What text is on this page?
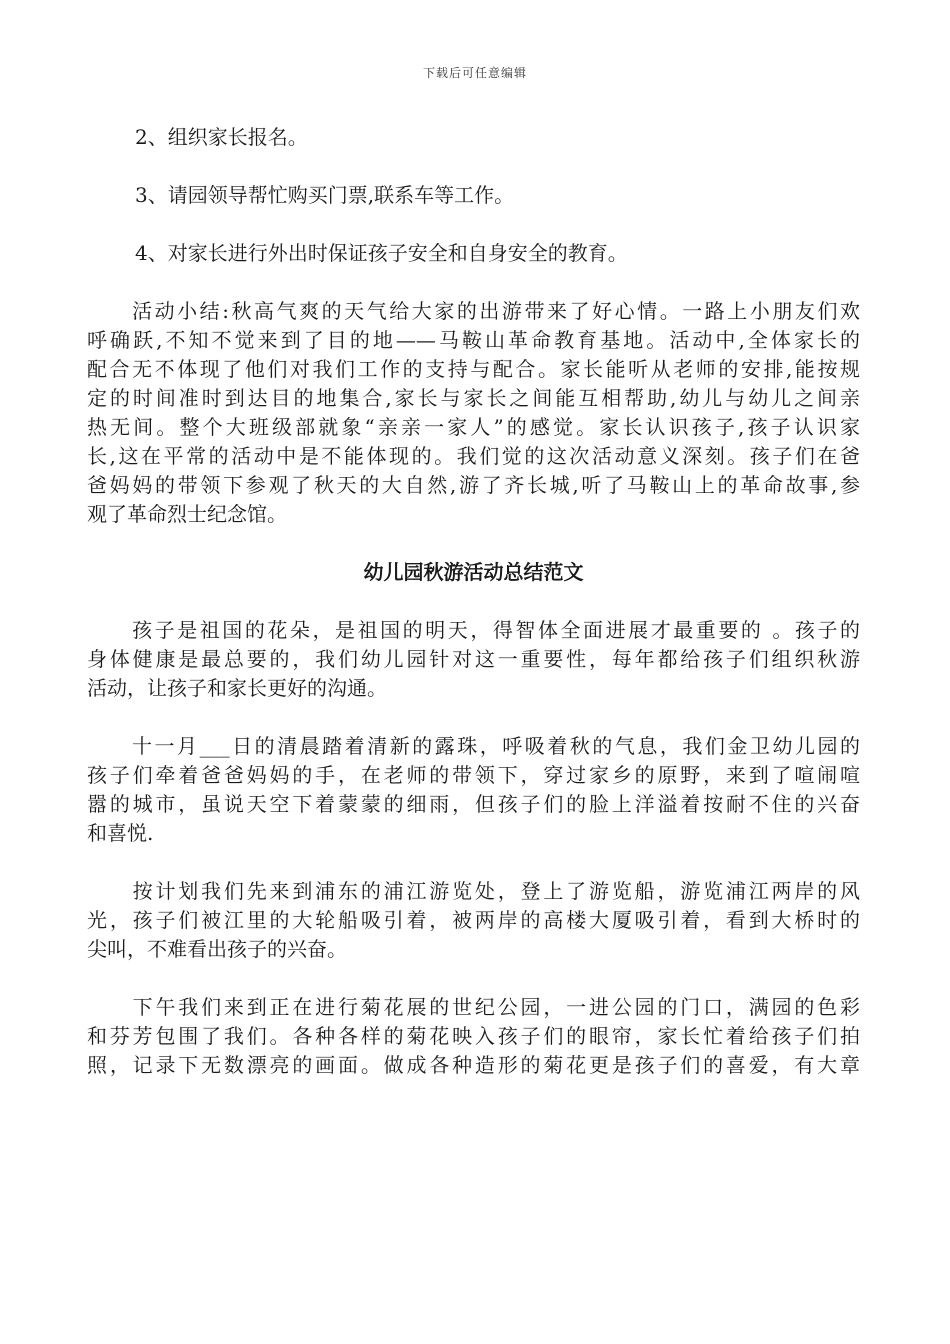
下载后可任意编辑
2、组织家长报名。
3、请园领导帮忙购买门票,联系车等工作。
4、对家长进行外出时保证孩子安全和自身安全的教育。
　　活动小结:秋高气爽的天气给大家的出游带来了好心情。一路上小朋友们欢
呼确跃,不知不觉来到了目的地——马鞍山革命教育基地。活动中,全体家长的
配合无不体现了他们对我们工作的支持与配合。家长能听从老师的安排,能按规
定的时间准时到达目的地集合,家长与家长之间能互相帮助,幼儿与幼儿之间亲
热无间。整个大班级部就象“亲亲一家人”的感觉。家长认识孩子,孩子认识家
长,这在平常的活动中是不能体现的。我们觉的这次活动意义深刻。孩子们在爸
爸妈妈的带领下参观了秋天的大自然,游了齐长城,听了马鞍山上的革命故事,参
观了革命烈士纪念馆。
幼儿园秋游活动总结范文
　　孩子是祖国的花朵，是祖国的明天，得智体全面进展才最重要的 。孩子的
身体健康是最总要的，我们幼儿园针对这一重要性，每年都给孩子们组织秋游
活动，让孩子和家长更好的沟通。
　　十一月___日的清晨踏着清新的露珠，呼吸着秋的气息，我们金卫幼儿园的
孩子们牵着爸爸妈妈的手，在老师的带领下，穿过家乡的原野，来到了喧闹喧
嚣的城市，虽说天空下着蒙蒙的细雨，但孩子们的脸上洋溢着按耐不住的兴奋
和喜悦.
　　按计划我们先来到浦东的浦江游览处，登上了游览船，游览浦江两岸的风
光，孩子们被江里的大轮船吸引着，被两岸的高楼大厦吸引着，看到大桥时的
尖叫，不难看出孩子的兴奋。
　　下午我们来到正在进行菊花展的世纪公园，一进公园的门口，满园的色彩
和芬芳包围了我们。各种各样的菊花映入孩子们的眼帘，家长忙着给孩子们拍
照，记录下无数漂亮的画面。做成各种造形的菊花更是孩子们的喜爱，有大章
